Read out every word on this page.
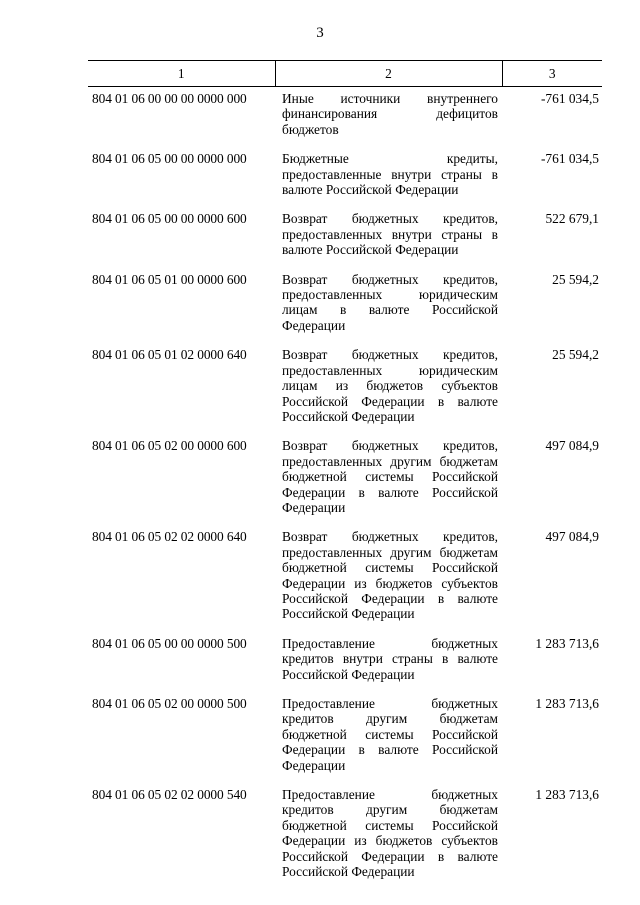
3
1	2	3
804 01 06 00 00 00 0000 000	Иные источники внутреннего финансирования дефицитов бюджетов	-761 034,5
804 01 06 05 00 00 0000 000	Бюджетные кредиты, предоставленные внутри страны в валюте Российской Федерации	-761 034,5
804 01 06 05 00 00 0000 600	Возврат бюджетных кредитов, предоставленных внутри страны в валюте Российской Федерации	522 679,1
804 01 06 05 01 00 0000 600	Возврат бюджетных кредитов, предоставленных юридическим лицам в валюте Российской Федерации	25 594,2
804 01 06 05 01 02 0000 640	Возврат бюджетных кредитов, предоставленных юридическим лицам из бюджетов субъектов Российской Федерации в валюте Российской Федерации	25 594,2
804 01 06 05 02 00 0000 600	Возврат бюджетных кредитов, предоставленных другим бюджетам бюджетной системы Российской Федерации в валюте Российской Федерации	497 084,9
804 01 06 05 02 02 0000 640	Возврат бюджетных кредитов, предоставленных другим бюджетам бюджетной системы Российской Федерации из бюджетов субъектов Российской Федерации в валюте Российской Федерации	497 084,9
804 01 06 05 00 00 0000 500	Предоставление бюджетных кредитов внутри страны в валюте Российской Федерации	1 283 713,6
804 01 06 05 02 00 0000 500	Предоставление бюджетных кредитов другим бюджетам бюджетной системы Российской Федерации в валюте Российской Федерации	1 283 713,6
804 01 06 05 02 02 0000 540	Предоставление бюджетных кредитов другим бюджетам бюджетной системы Российской Федерации из бюджетов субъектов Российской Федерации в валюте Российской Федерации	1 283 713,6
